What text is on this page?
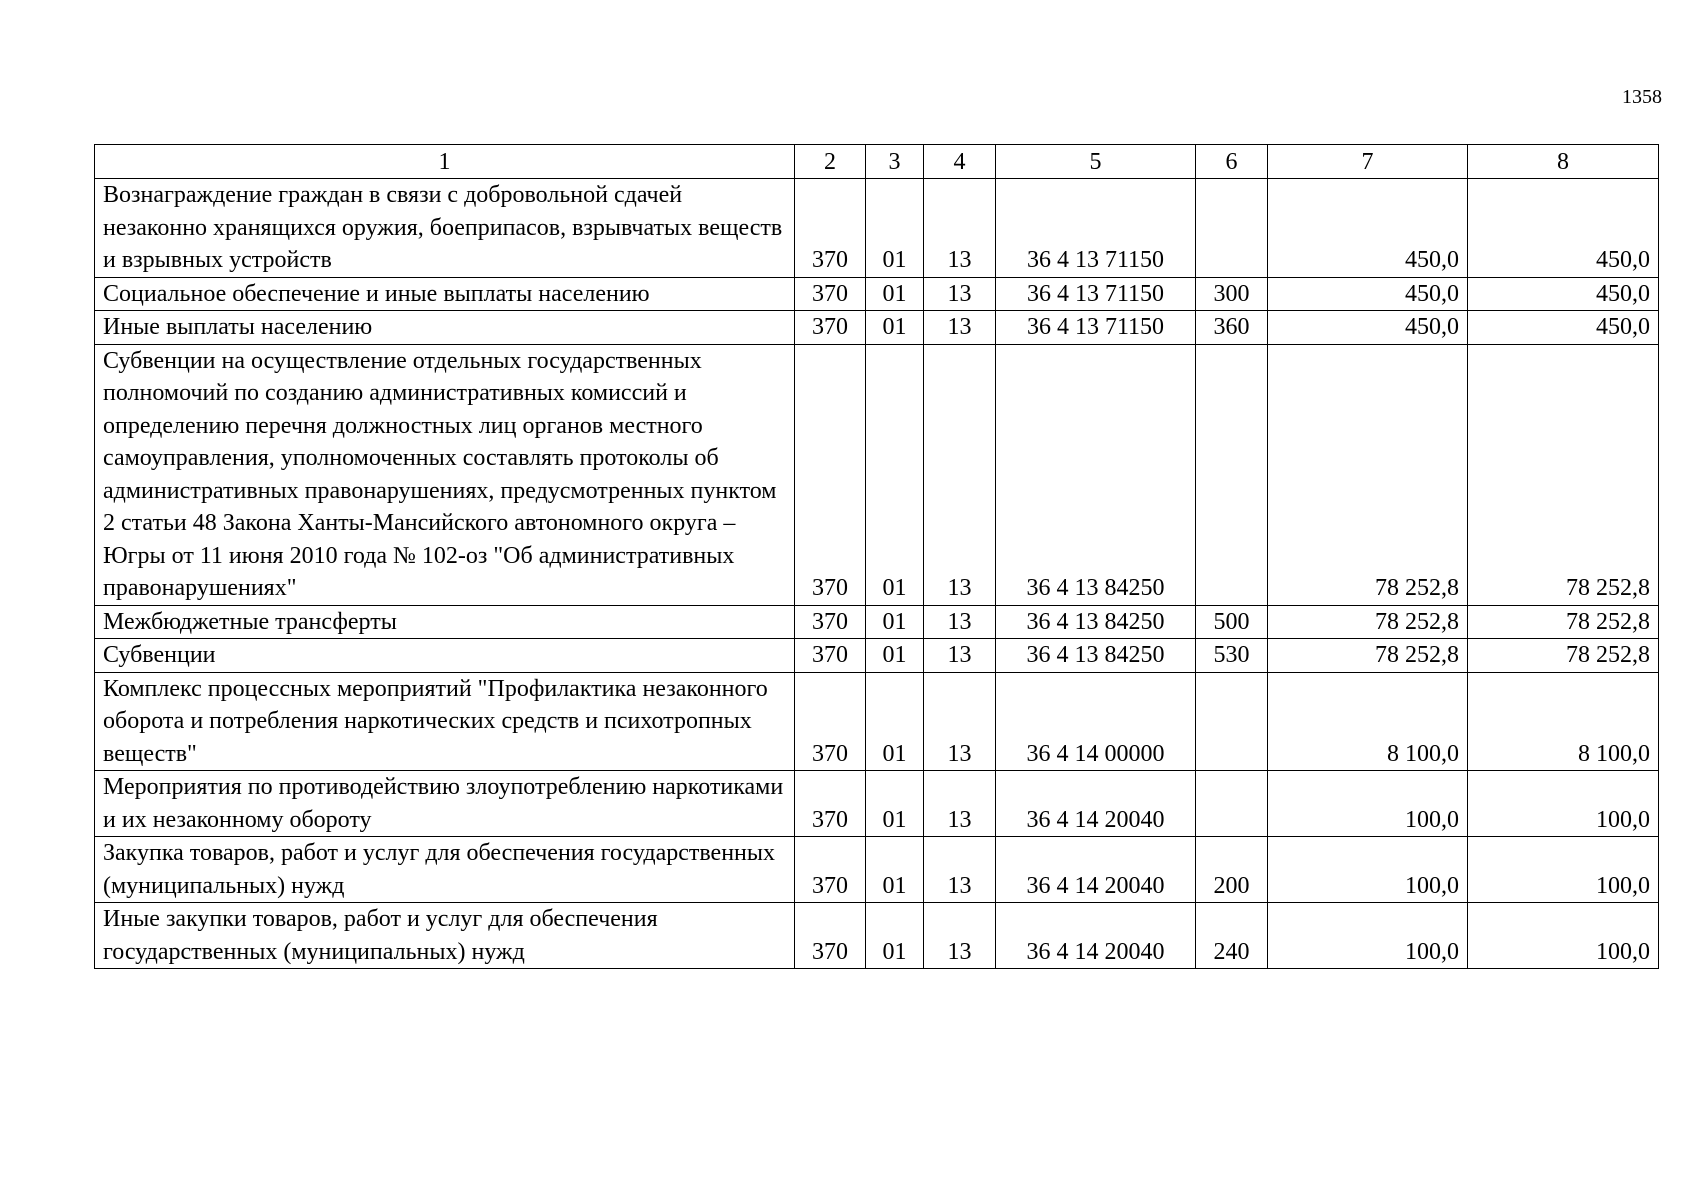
1358
1	2	3	4	5	6	7	8
Вознаграждение граждан в связи с добровольной сдачей незаконно хранящихся оружия, боеприпасов, взрывчатых веществ и взрывных устройств	370	01	13	36 4 13 71150		450,0	450,0
Социальное обеспечение и иные выплаты населению	370	01	13	36 4 13 71150	300	450,0	450,0
Иные выплаты населению	370	01	13	36 4 13 71150	360	450,0	450,0
Субвенции на осуществление отдельных государственных полномочий по созданию административных комиссий и определению перечня должностных лиц органов местного самоуправления, уполномоченных составлять протоколы об административных правонарушениях, предусмотренных пунктом 2 статьи 48 Закона Ханты-Мансийского автономного округа – Югры от 11 июня 2010 года № 102-оз "Об административных правонарушениях"	370	01	13	36 4 13 84250		78 252,8	78 252,8
Межбюджетные трансферты	370	01	13	36 4 13 84250	500	78 252,8	78 252,8
Субвенции	370	01	13	36 4 13 84250	530	78 252,8	78 252,8
Комплекс процессных мероприятий "Профилактика незаконного оборота и потребления наркотических средств и психотропных веществ"	370	01	13	36 4 14 00000		8 100,0	8 100,0
Мероприятия по противодействию злоупотреблению наркотиками и их незаконному обороту	370	01	13	36 4 14 20040		100,0	100,0
Закупка товаров, работ и услуг для обеспечения государственных (муниципальных) нужд	370	01	13	36 4 14 20040	200	100,0	100,0
Иные закупки товаров, работ и услуг для обеспечения государственных (муниципальных) нужд	370	01	13	36 4 14 20040	240	100,0	100,0
